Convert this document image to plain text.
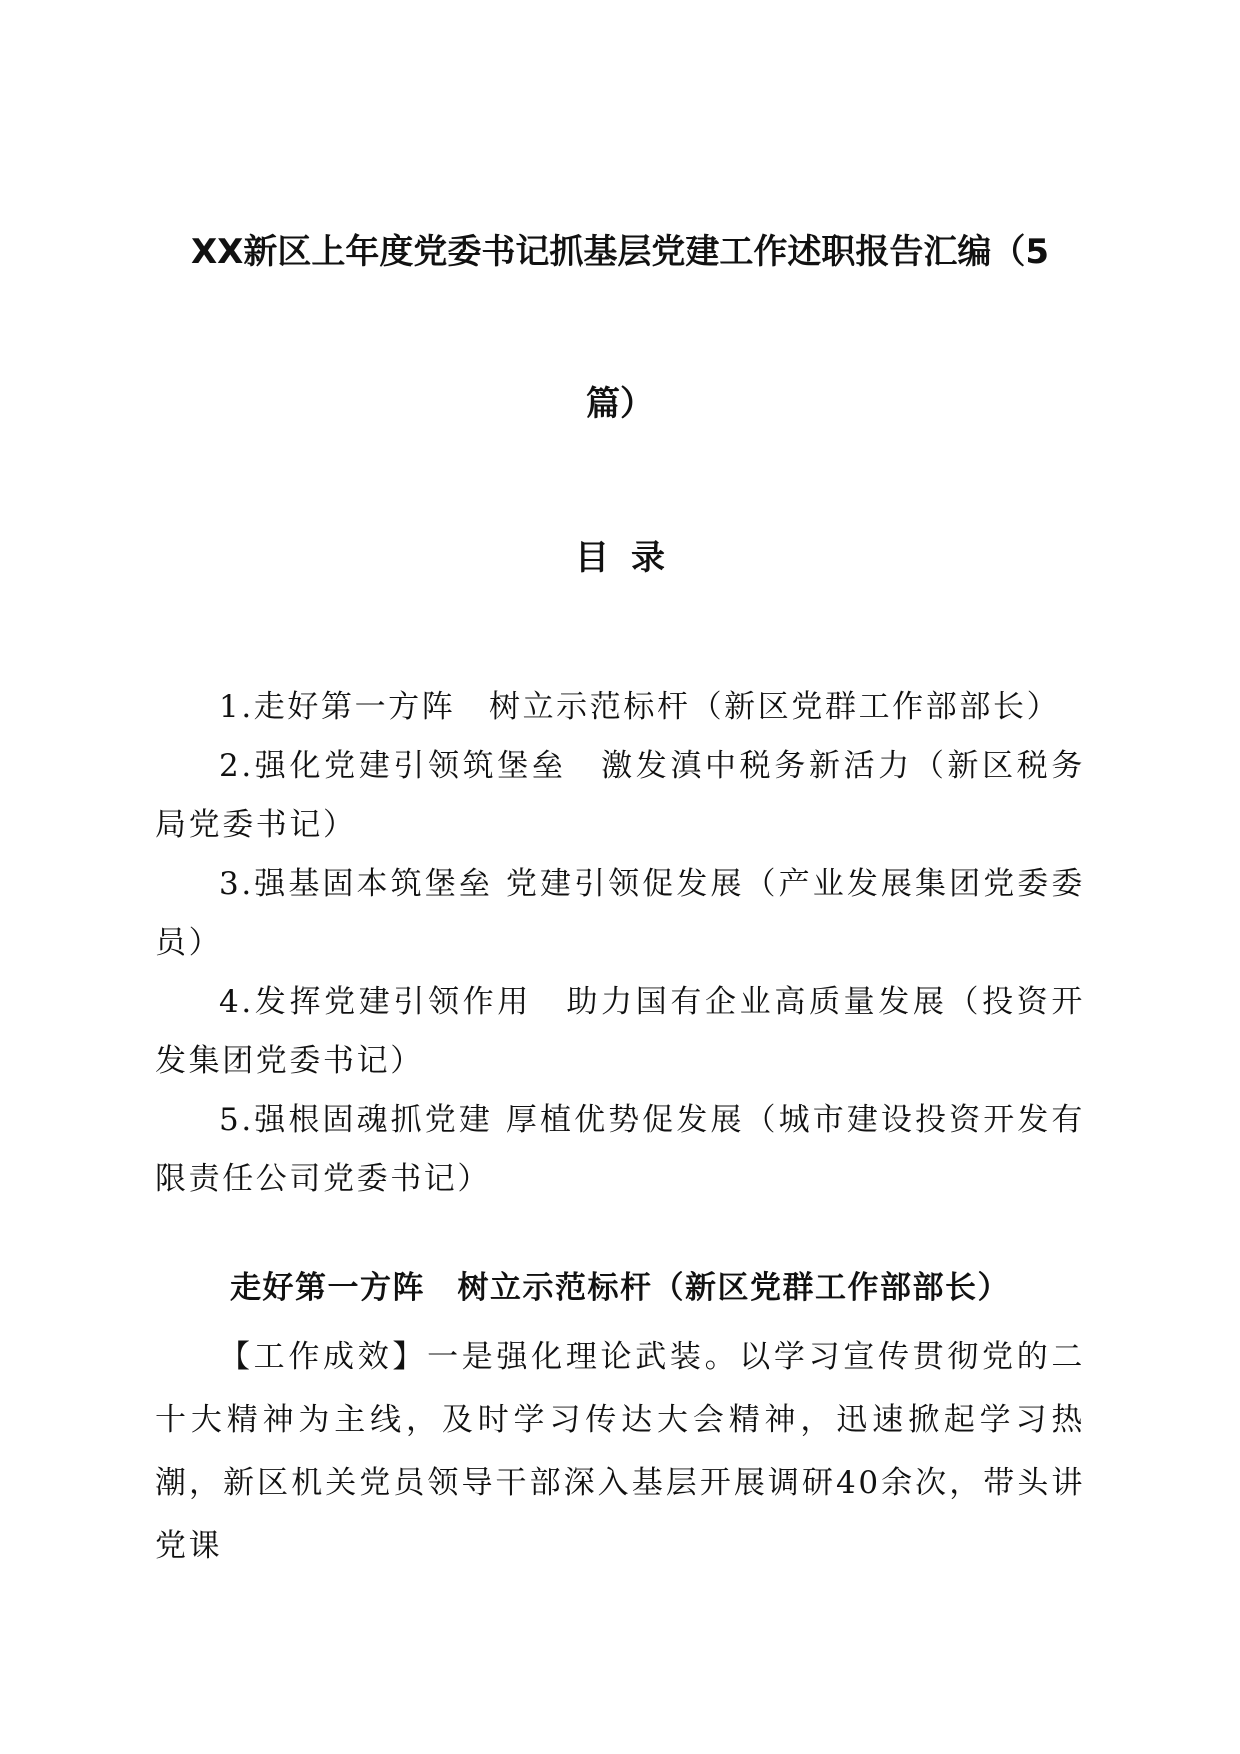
XX新区上年度党委书记抓基层党建工作述职报告汇编（5
篇）
目录
1.走好第一方阵　树立示范标杆（新区党群工作部部长）
2.强化党建引领筑堡垒　激发滇中税务新活力（新区税务局党委书记）
3.强基固本筑堡垒 党建引领促发展（产业发展集团党委委员）
4.发挥党建引领作用　助力国有企业高质量发展（投资开发集团党委书记）
5.强根固魂抓党建 厚植优势促发展（城市建设投资开发有限责任公司党委书记）
走好第一方阵　树立示范标杆（新区党群工作部部长）

【工作成效】一是强化理论武装。以学习宣传贯彻党的二十大精神为主线，及时学习传达大会精神，迅速掀起学习热潮，新区机关党员领导干部深入基层开展调研40余次，带头讲党课
